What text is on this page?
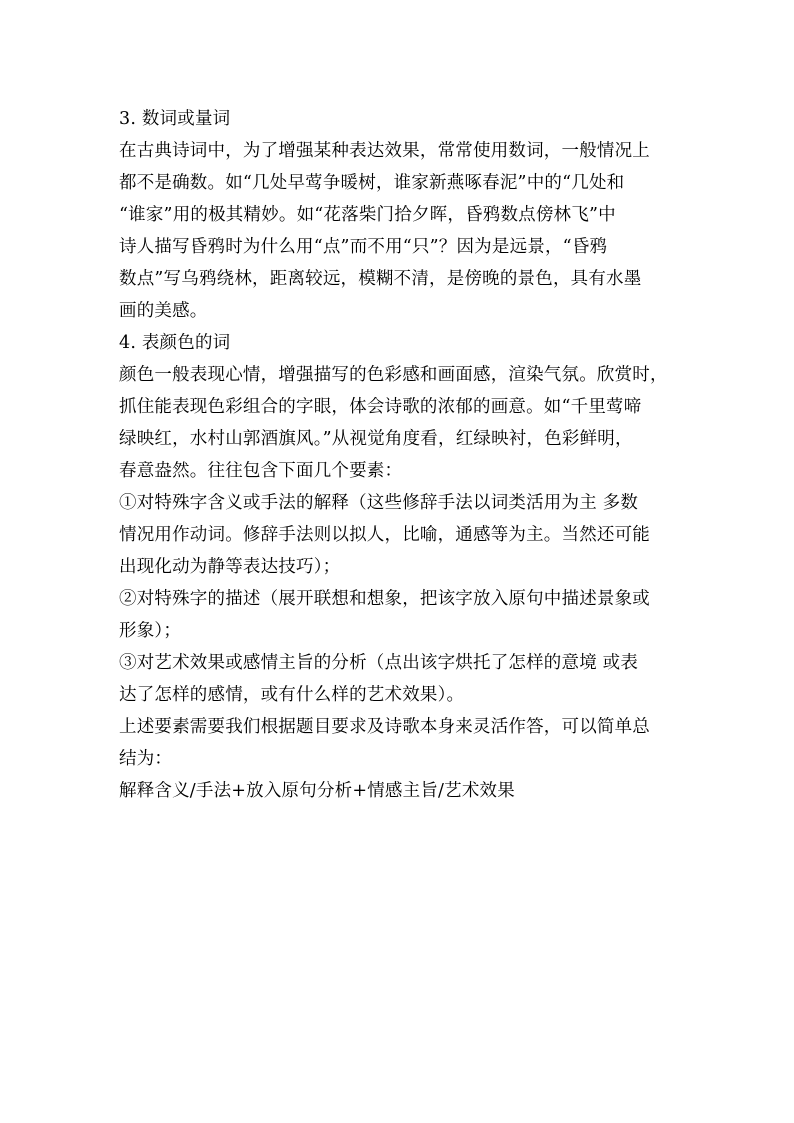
3. 数词或量词
在古典诗词中，为了增强某种表达效果，常常使用数词，一般情况上
都不是确数。如“几处早莺争暖树，谁家新燕啄春泥”中的“几处和
“谁家”用的极其精妙。如“花落柴门拾夕晖，昏鸦数点傍林飞”中
诗人描写昏鸦时为什么用“点”而不用“只”？因为是远景，“昏鸦
数点”写乌鸦绕林，距离较远，模糊不清，是傍晚的景色，具有水墨
画的美感。
4. 表颜色的词
颜色一般表现心情，增强描写的色彩感和画面感，渲染气氛。欣赏时，
抓住能表现色彩组合的字眼，体会诗歌的浓郁的画意。如“千里莺啼
绿映红，水村山郭酒旗风。”从视觉角度看，红绿映衬，色彩鲜明，
春意盎然。往往包含下面几个要素：
①对特殊字含义或手法的解释（这些修辞手法以词类活用为主 多数
情况用作动词。修辞手法则以拟人，比喻，通感等为主。当然还可能
出现化动为静等表达技巧）；
②对特殊字的描述（展开联想和想象，把该字放入原句中描述景象或
形象）；
③对艺术效果或感情主旨的分析（点出该字烘托了怎样的意境 或表
达了怎样的感情，或有什么样的艺术效果）。
上述要素需要我们根据题目要求及诗歌本身来灵活作答，可以简单总
结为：
解释含义/手法+放入原句分析+情感主旨/艺术效果
